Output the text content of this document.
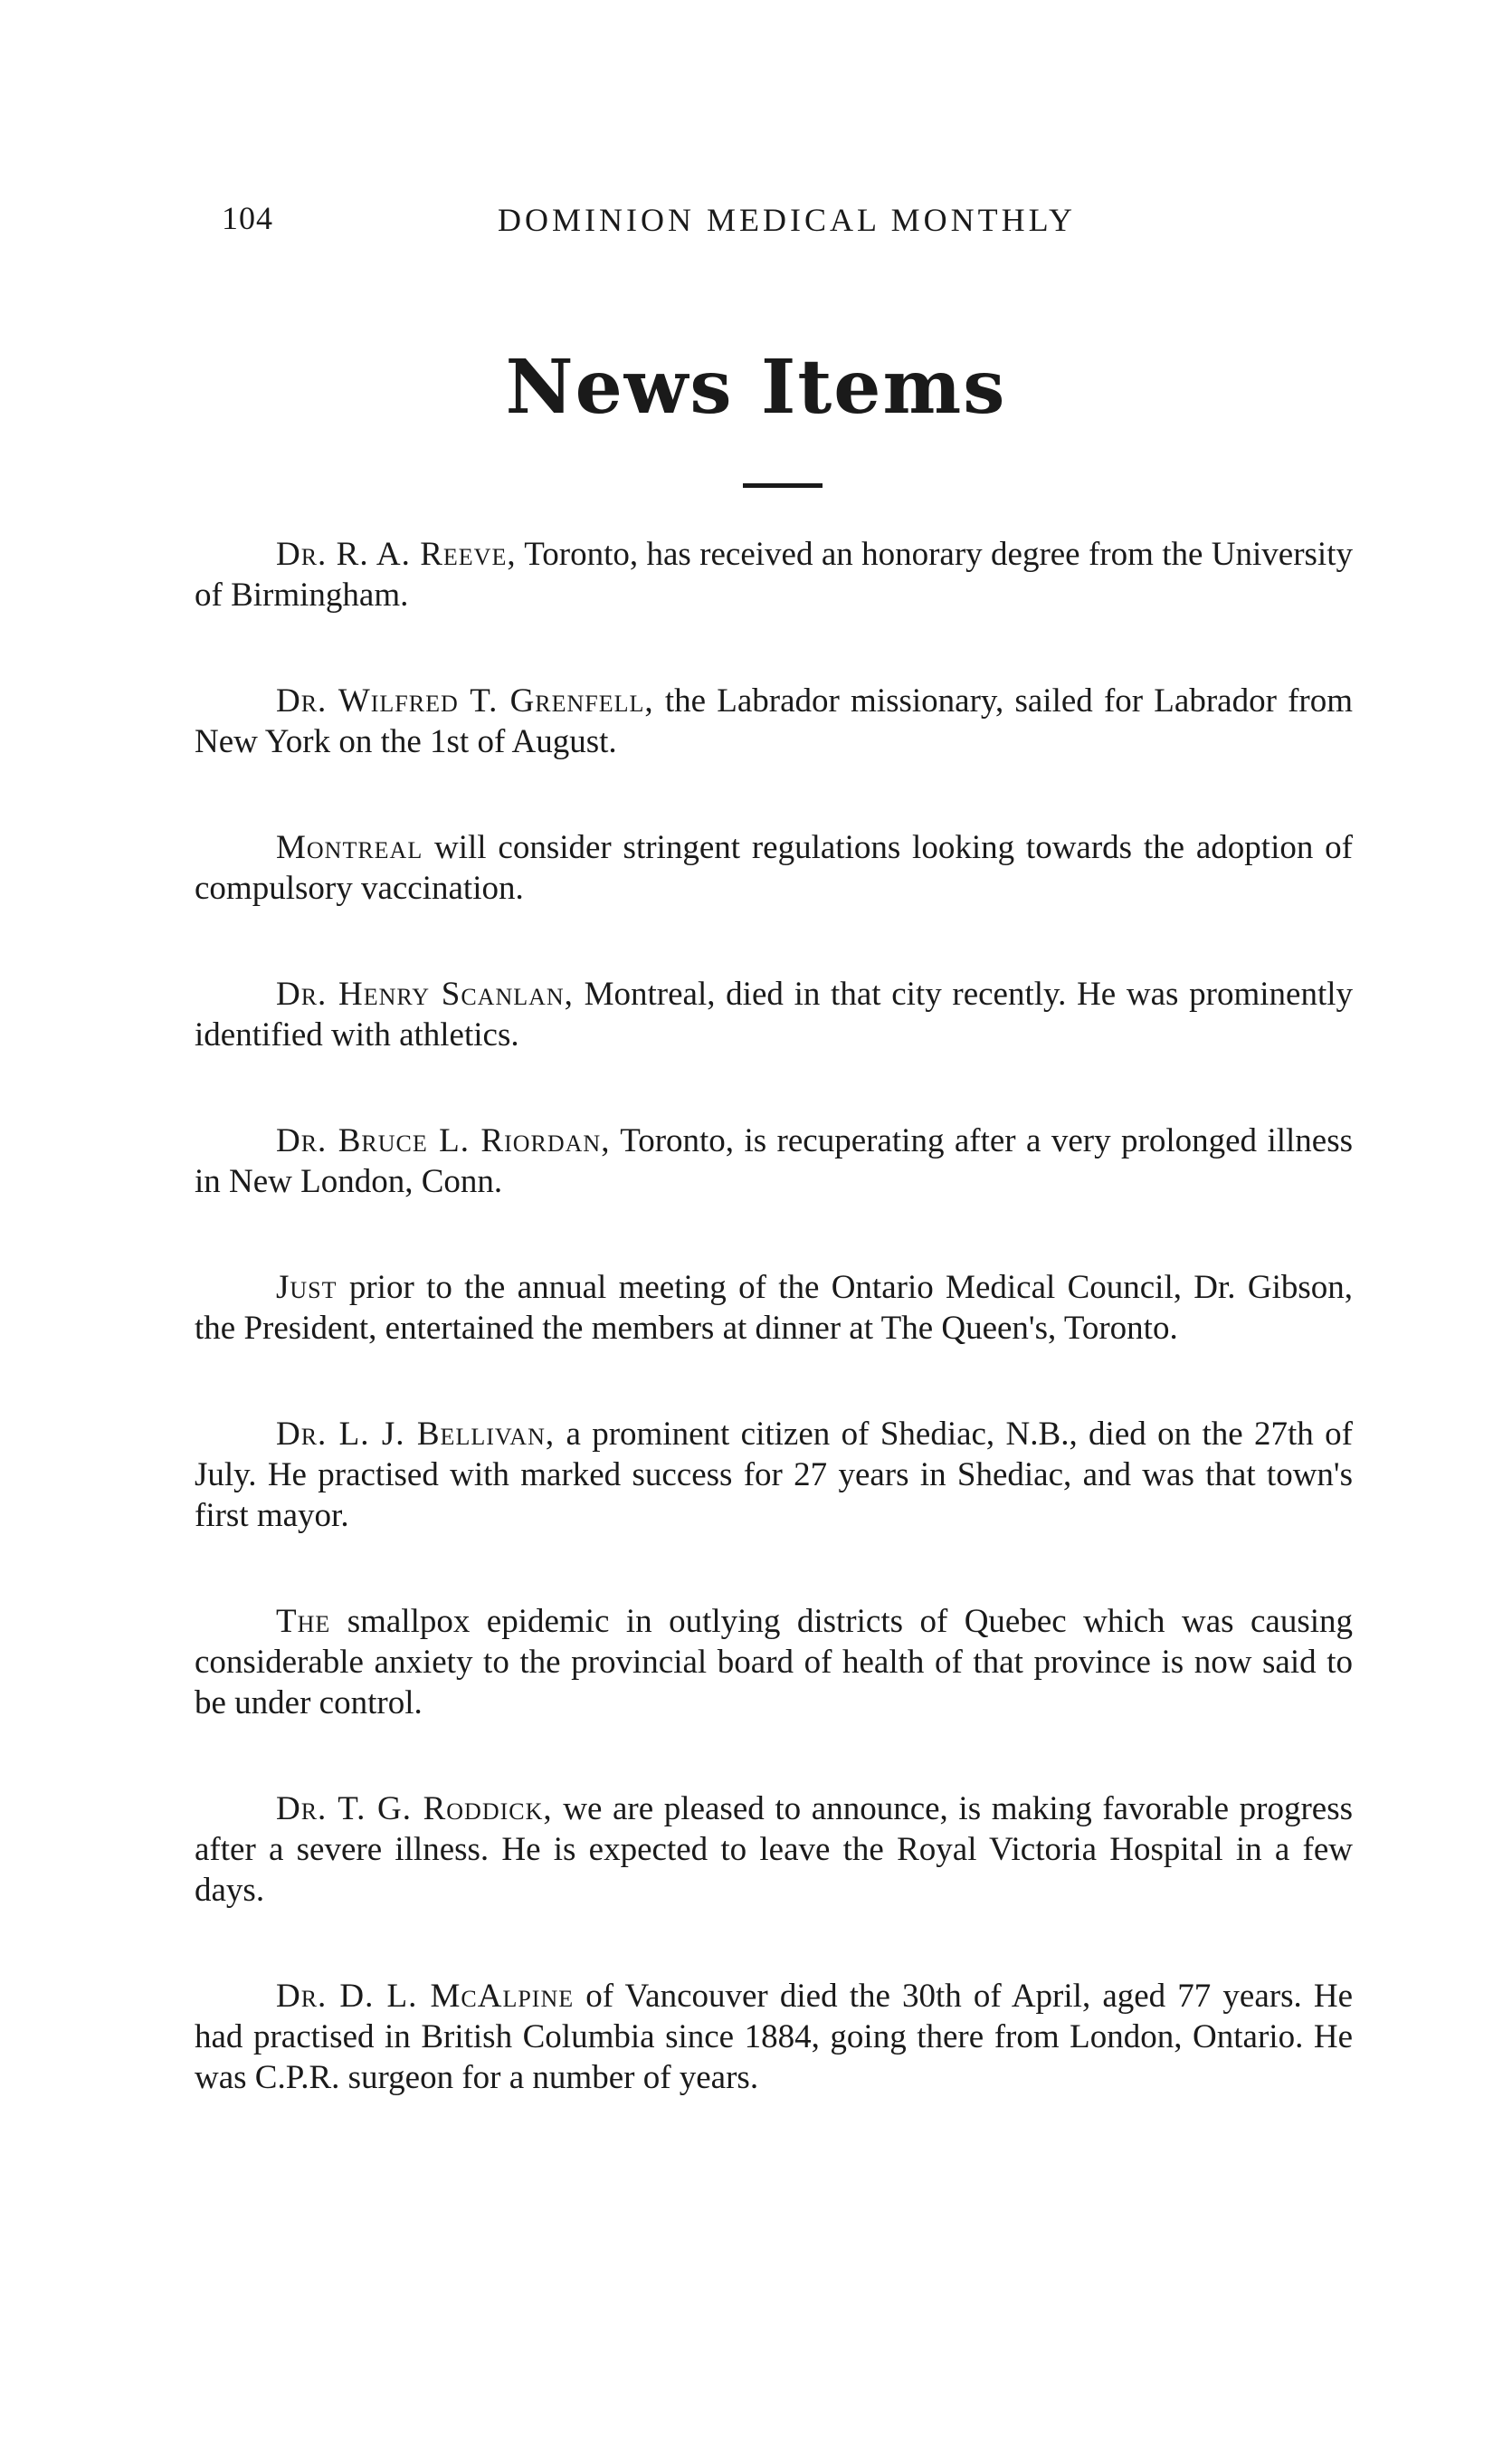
104	DOMINION MEDICAL MONTHLY
News Items

Dr. R. A. Reeve, Toronto, has received an honorary degree from the University of Birmingham.

Dr. Wilfred T. Grenfell, the Labrador missionary, sailed for Labrador from New York on the 1st of August.

Montreal will consider stringent regulations looking towards the adoption of compulsory vaccination.

Dr. Henry Scanlan, Montreal, died in that city recently. He was prominently identified with athletics.

Dr. Bruce L. Riordan, Toronto, is recuperating after a very prolonged illness in New London, Conn.

Just prior to the annual meeting of the Ontario Medical Council, Dr. Gibson, the President, entertained the members at dinner at The Queen's, Toronto.

Dr. L. J. Bellivan, a prominent citizen of Shediac, N.B., died on the 27th of July. He practised with marked success for 27 years in Shediac, and was that town's first mayor.

The smallpox epidemic in outlying districts of Quebec which was causing considerable anxiety to the provincial board of health of that province is now said to be under control.

Dr. T. G. Roddick, we are pleased to announce, is making favorable progress after a severe illness. He is expected to leave the Royal Victoria Hospital in a few days.

Dr. D. L. McAlpine of Vancouver died the 30th of April, aged 77 years. He had practised in British Columbia since 1884, going there from London, Ontario. He was C.P.R. surgeon for a number of years.
